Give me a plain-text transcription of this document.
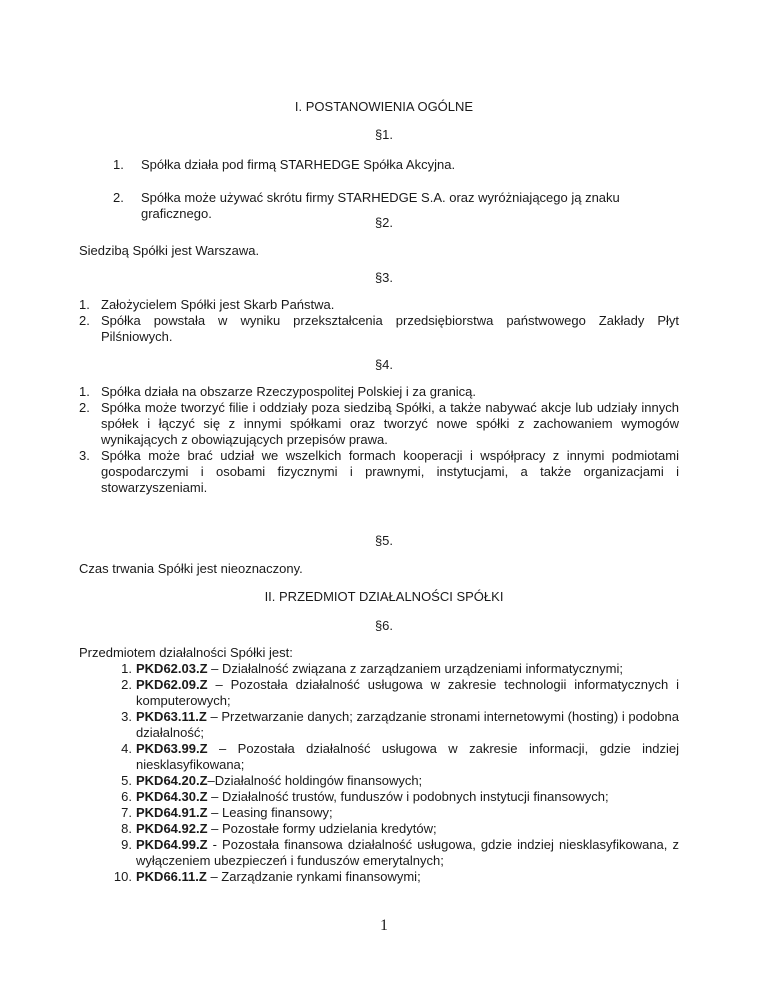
I. POSTANOWIENIA OGÓLNE
§1.
1. Spółka działa pod firmą STARHEDGE Spółka Akcyjna.
2. Spółka może używać skrótu firmy STARHEDGE S.A. oraz wyróżniającego ją znaku graficznego.
§2.
Siedzibą Spółki jest Warszawa.
§3.
1. Założycielem Spółki jest Skarb Państwa.
2. Spółka powstała w wyniku przekształcenia przedsiębiorstwa państwowego Zakłady Płyt Pilśniowych.
§4.
1. Spółka działa na obszarze Rzeczypospolitej Polskiej i za granicą.
2. Spółka może tworzyć filie i oddziały poza siedzibą Spółki, a także nabywać akcje lub udziały innych spółek i łączyć się z innymi spółkami oraz tworzyć nowe spółki z zachowaniem wymogów wynikających z obowiązujących przepisów prawa.
3. Spółka może brać udział we wszelkich formach kooperacji i współpracy z innymi podmiotami gospodarczymi i osobami fizycznymi i prawnymi, instytucjami, a także organizacjami i stowarzyszeniami.
§5.
Czas trwania Spółki jest nieoznaczony.
II. PRZEDMIOT DZIAŁALNOŚCI SPÓŁKI
§6.
Przedmiotem działalności Spółki jest:
1. PKD62.03.Z – Działalność związana z zarządzaniem urządzeniami informatycznymi;
2. PKD62.09.Z – Pozostała działalność usługowa w zakresie technologii informatycznych i komputerowych;
3. PKD63.11.Z – Przetwarzanie danych; zarządzanie stronami internetowymi (hosting) i podobna działalność;
4. PKD63.99.Z – Pozostała działalność usługowa w zakresie informacji, gdzie indziej niesklasyfikowana;
5. PKD64.20.Z–Działalność holdingów finansowych;
6. PKD64.30.Z – Działalność trustów, funduszów i podobnych instytucji finansowych;
7. PKD64.91.Z – Leasing finansowy;
8. PKD64.92.Z – Pozostałe formy udzielania kredytów;
9. PKD64.99.Z - Pozostała finansowa działalność usługowa, gdzie indziej niesklasyfikowana, z wyłączeniem ubezpieczeń i funduszów emerytalnych;
10. PKD66.11.Z – Zarządzanie rynkami finansowymi;
1
